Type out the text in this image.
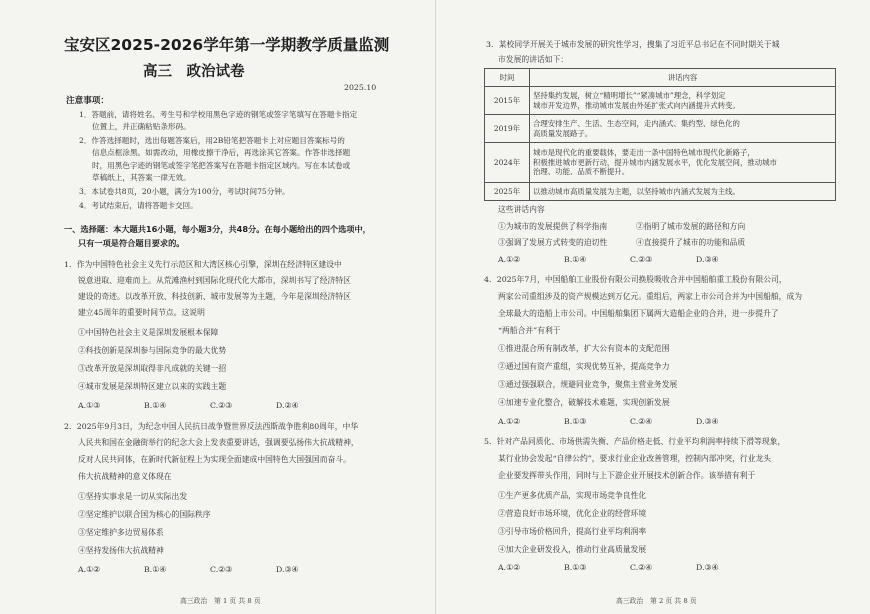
宝安区2025-2026学年第一学期教学质量监测
高三　政治试卷
2025.10
注意事项：
1．答题前，请将姓名、考生号和学校用黑色字迹的钢笔或签字笔填写在答题卡指定
位置上，并正确粘贴条形码。
2．作答选择题时，选出每题答案后，用2B铅笔把答题卡上对应题目答案标号的
信息点框涂黑。如需改动，用橡皮擦干净后，再选涂其它答案。作答非选择题
时，用黑色字迹的钢笔或签字笔把答案写在答题卡指定区域内。写在本试卷或
草稿纸上，其答案一律无效。
3．本试卷共8页，20小题，满分为100分，考试时间75分钟。
4．考试结束后，请将答题卡交回。
一、选择题：本大题共16小题，每小题3分，共48分。在每小题给出的四个选项中，
只有一项是符合题目要求的。
1．作为中国特色社会主义先行示范区和大湾区核心引擎，深圳在经济特区建设中
锐意进取、迎难而上。从荒滩渔村到国际化现代化大都市，深圳书写了经济特区
建设的奇迹。以改革开放、科技创新、城市发展等为主题，今年是深圳经济特区
建立45周年的重要时间节点。这说明
①中国特色社会主义是深圳发展根本保障
②科技创新是深圳参与国际竞争的最大优势
③改革开放是深圳取得非凡成就的关键一招
④城市发展是深圳特区建立以来的实践主题
A.①③	B.①④	C.②③	D.②④
2．2025年9月3日，为纪念中国人民抗日战争暨世界反法西斯战争胜利80周年，中华
人民共和国在金融街举行的纪念大会上发表重要讲话，强调要弘扬伟大抗战精神，
反对人民共同体，在新时代新征程上为实现全面建成中国特色大国强国而奋斗。
伟大抗战精神的意义体现在
①坚持实事求是一切从实际出发
②坚定维护以联合国为核心的国际秩序
③坚定维护多边贸易体系
④坚持发扬伟大抗战精神
A.①②	B.①④	C.②③	D.③④
高三政治　第 1 页 共 8 页
3．某校同学开展关于城市发展的研究性学习，搜集了习近平总书记在不同时期关于城
市发展的讲话如下：
时间	讲话内容
2015年	坚持集约发展，树立“精明增长”“紧凑城市”理念，科学划定
城市开发边界，推动城市发展由外延扩张式向内涵提升式转变。

2019年	合理安排生产、生活、生态空间，走内涵式、集约型、绿色化的
高质量发展路子。

2024年	城市是现代化的重要载体，要走出一条中国特色城市现代化新路子，
积极推进城市更新行动，提升城市内涵发展水平，优化发展空间，推动城市
治理、功能、品质不断提升。

2025年	以推动城市高质量发展为主题，以坚持城市内涵式发展为主线。
这些讲话内容
①为城市的发展提供了科学指南	②指明了城市发展的路径和方向
③强调了发展方式转变的迫切性	④直接提升了城市的功能和品质
A.①②	B.①④	C.②③	D.③④
4．2025年7月，中国船舶工业股份有限公司换股吸收合并中国船舶重工股份有限公司，
两家公司重组涉及的资产规模达到万亿元。重组后，两家上市公司合并为中国船舶，成为
全球最大的造船上市公司。中国船舶集团下属两大造船企业的合并，进一步提升了
“两船合并”有利于
①推进混合所有制改革，扩大公有资本的支配范围
②通过国有资产重组，实现优势互补，提高竞争力
③通过强强联合，规避同业竞争，聚焦主营业务发展
④加速专业化整合，破解技术难题，实现创新发展
A.①②	B.①③	C.②④	D.③④
5．针对产品同质化、市场供需失衡、产品价格走低、行业平均利润率持续下滑等现象，
某行业协会发起“自律公约”，要求行业企业改善管理，控制内部冲突，行业龙头
企业要发挥带头作用，同时与上下游企业开展技术创新合作。该举措有利于
①生产更多优质产品，实现市场竞争良性化
②营造良好市场环境，优化企业的经营环境
③引导市场价格回升，提高行业平均利润率
④加大企业研发投入，推动行业高质量发展
A.①②	B.①③	C.②④	D.③④
高三政治　第 2 页 共 8 页
